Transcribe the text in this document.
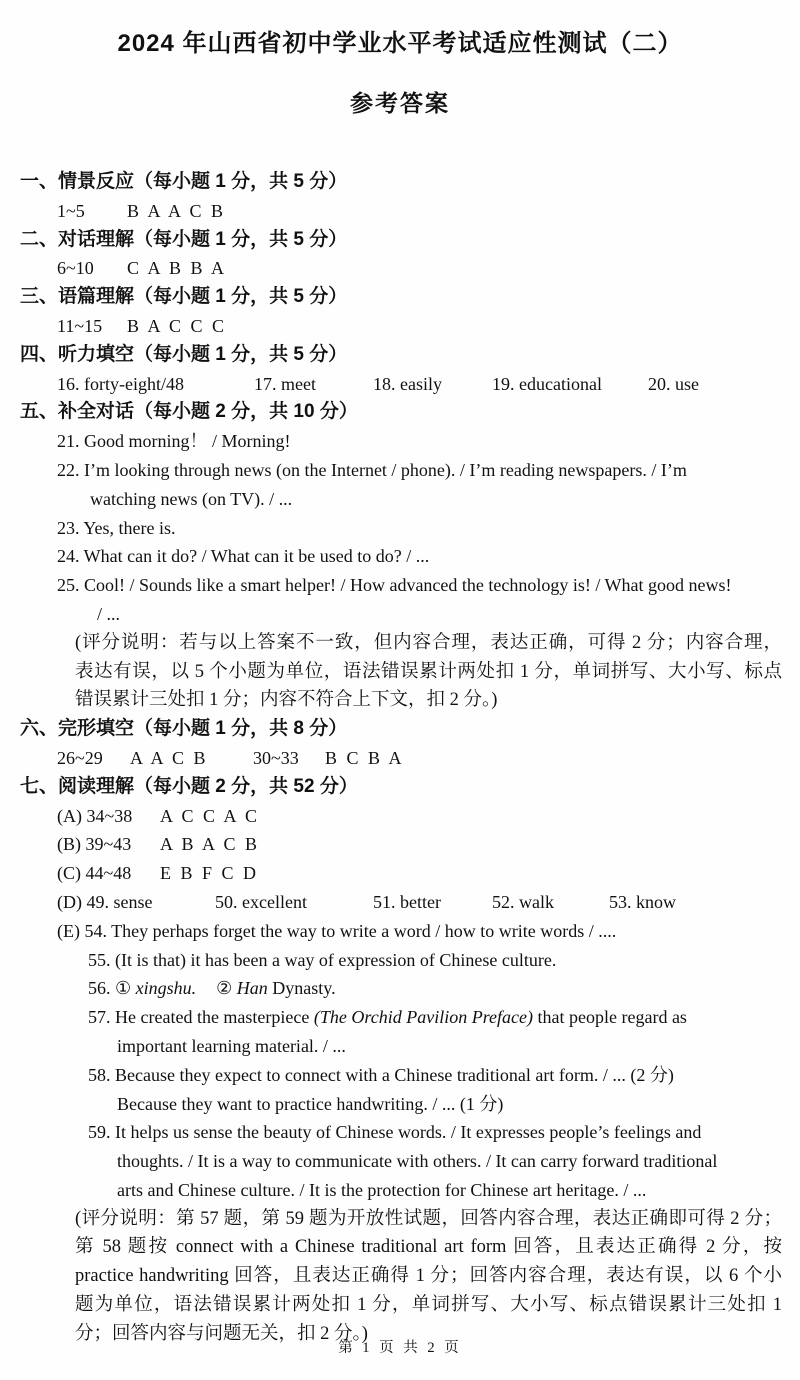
2024 年山西省初中学业水平考试适应性测试（二）
参考答案
一、情景反应（每小题 1 分，共 5 分）
1~5 B A A C B
二、对话理解（每小题 1 分，共 5 分）
6~10 C A B B A
三、语篇理解（每小题 1 分，共 5 分）
11~15 B A C C C
四、听力填空（每小题 1 分，共 5 分）
16. forty-eight/48	17. meet	18. easily	19. educational	20. use
五、补全对话（每小题 2 分，共 10 分）
21. Good morning！ / Morning!
22. I’m looking through news (on the Internet / phone). / I’m reading newspapers. / I’m
watching news (on TV). / ...
23. Yes, there is.
24. What can it do? / What can it be used to do? / ...
25. Cool! / Sounds like a smart helper! / How advanced the technology is! / What good news!
/ ...
(评分说明：若与以上答案不一致，但内容合理，表达正确，可得 2 分；内容合理，
表达有误，以 5 个小题为单位，语法错误累计两处扣 1 分，单词拼写、大小写、标点
错误累计三处扣 1 分；内容不符合上下文，扣 2 分。)
六、完形填空（每小题 1 分，共 8 分）
26~29	A A C B	30~33	B C B A
七、阅读理解（每小题 2 分，共 52 分）
(A) 34~38	A C C A C
(B) 39~43	A B A C B
(C) 44~48	E B F C D
(D) 49. sense	50. excellent	51. better	52. walk	53. know
(E) 54. They perhaps forget the way to write a word / how to write words / ....
55. (It is that) it has been a way of expression of Chinese culture.
56. ① xingshu. ② Han Dynasty.
57. He created the masterpiece (The Orchid Pavilion Preface) that people regard as
important learning material. / ...
58. Because they expect to connect with a Chinese traditional art form. / ... (2 分)
Because they want to practice handwriting. / ... (1 分)
59. It helps us sense the beauty of Chinese words. / It expresses people’s feelings and
thoughts. / It is a way to communicate with others. / It can carry forward traditional
arts and Chinese culture. / It is the protection for Chinese art heritage. / ...
(评分说明：第 57 题，第 59 题为开放性试题，回答内容合理，表达正确即可得 2 分；
第 58 题按 connect with a Chinese traditional art form 回答，且表达正确得 2 分，按
practice handwriting 回答，且表达正确得 1 分；回答内容合理，表达有误，以 6 个小
题为单位，语法错误累计两处扣 1 分，单词拼写、大小写、标点错误累计三处扣 1
分；回答内容与问题无关，扣 2 分。)
第 1 页 共 2 页
